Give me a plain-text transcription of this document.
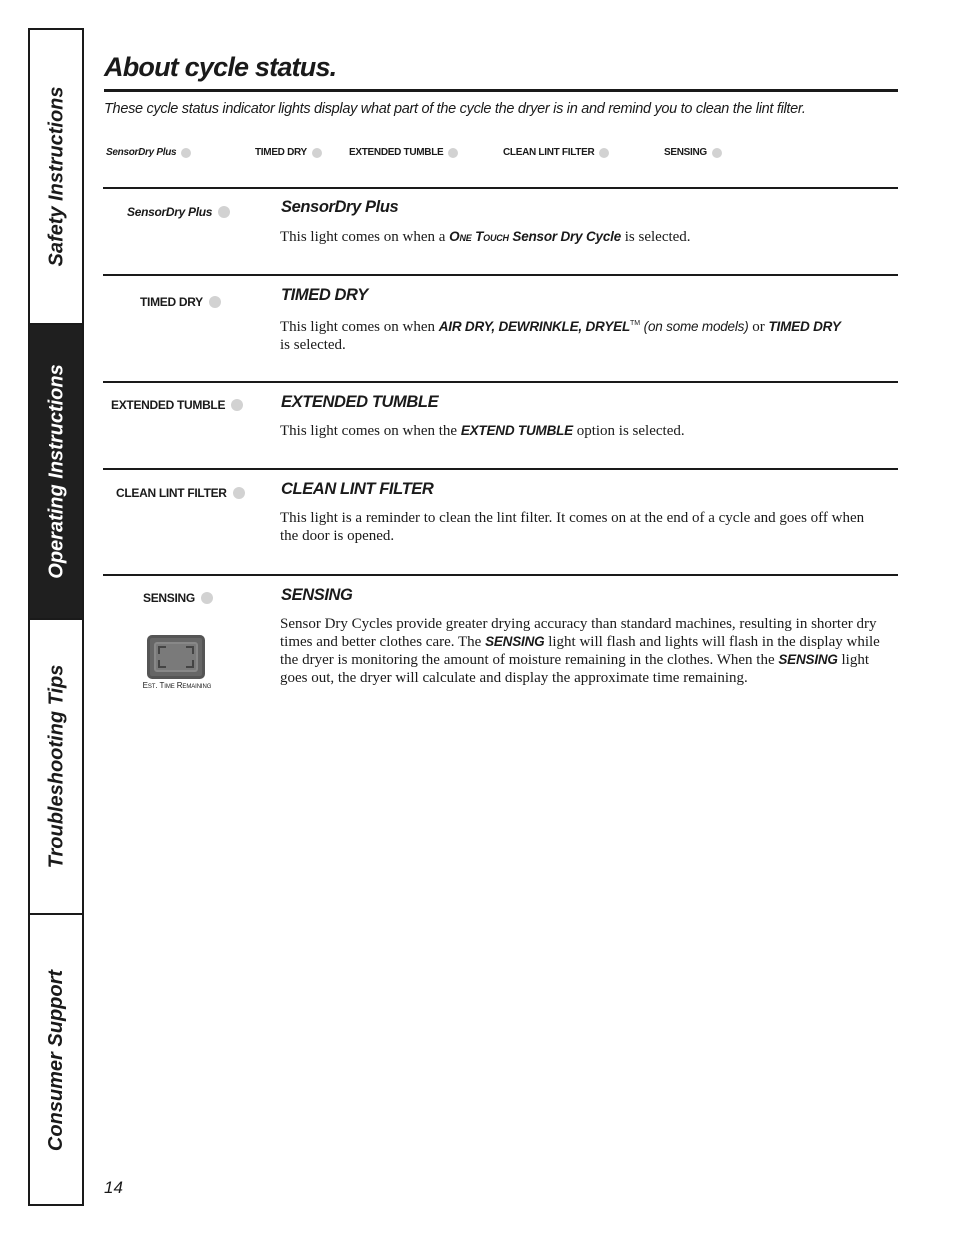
Safety Instructions
Operating Instructions
Troubleshooting Tips
Consumer Support
About cycle status.

These cycle status indicator lights display what part of the cycle the dryer is in and remind you to clean the lint filter.

SensorDry Plus	TIMED DRY	EXTENDED TUMBLE	CLEAN LINT FILTER	SENSING
SensorDry Plus	SensorDry Plus

This light comes on when a One Touch Sensor Dry Cycle is selected.

TIMED DRY	TIMED DRY

This light comes on when AIR DRY, DEWRINKLE, DRYEL™ (on some models) or TIMED DRY
is selected.

EXTENDED TUMBLE	EXTENDED TUMBLE

This light comes on when the EXTEND TUMBLE option is selected.

CLEAN LINT FILTER	CLEAN LINT FILTER

This light is a reminder to clean the lint filter. It comes on at the end of a cycle and goes off when the door is opened.

SENSING
Est. Time Remaining
SENSING

Sensor Dry Cycles provide greater drying accuracy than standard machines, resulting in shorter dry times and better clothes care. The SENSING light will flash and lights will flash in the display while the dryer is monitoring the amount of moisture remaining in the clothes. When the SENSING light goes out, the dryer will calculate and display the approximate time remaining.

14
